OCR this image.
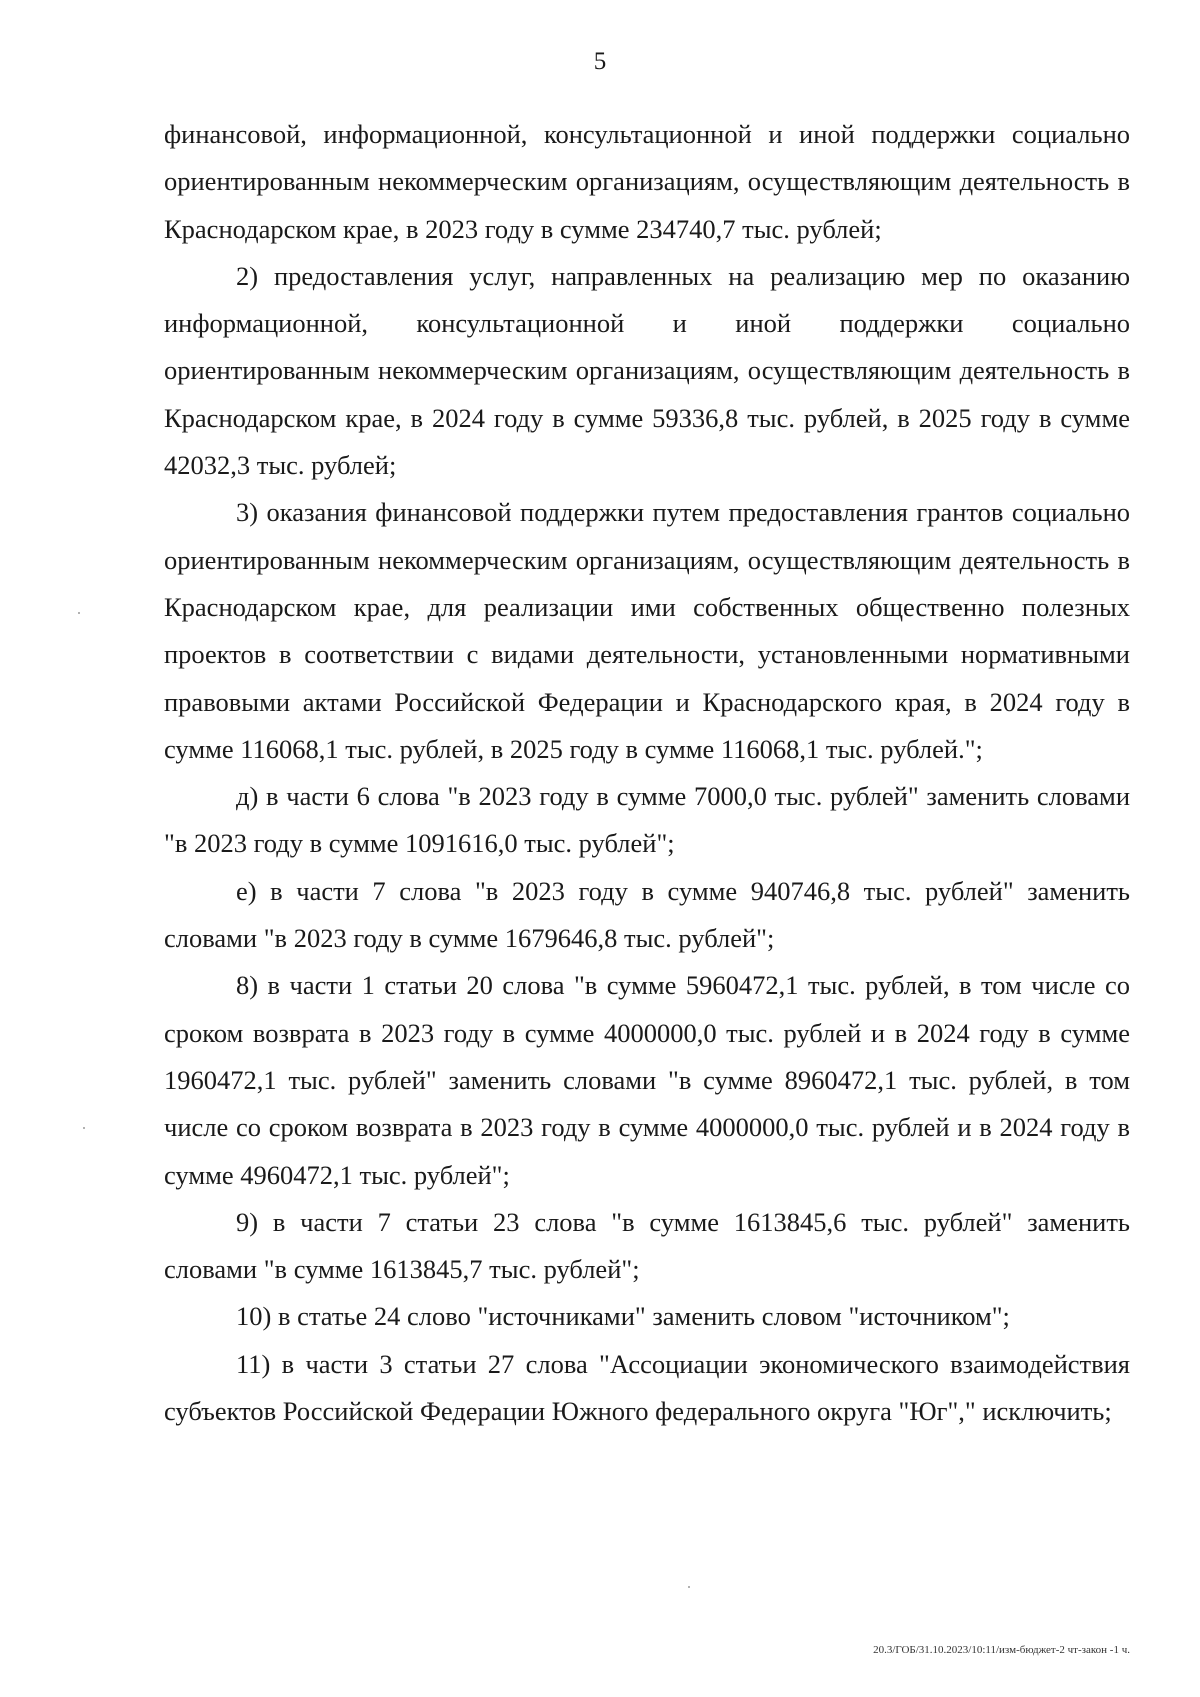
5

финансовой, информационной, консультационной и иной поддержки социально ориентированным некоммерческим организациям, осуществляющим деятельность в Краснодарском крае, в 2023 году в сумме 234740,7 тыс. рублей;

2) предоставления услуг, направленных на реализацию мер по оказанию информационной, консультационной и иной поддержки социально ориентированным некоммерческим организациям, осуществляющим деятельность в Краснодарском крае, в 2024 году в сумме 59336,8 тыс. рублей, в 2025 году в сумме 42032,3 тыс. рублей;

3) оказания финансовой поддержки путем предоставления грантов социально ориентированным некоммерческим организациям, осуществляющим деятельность в Краснодарском крае, для реализации ими собственных общественно полезных проектов в соответствии с видами деятельности, установленными нормативными правовыми актами Российской Федерации и Краснодарского края, в 2024 году в сумме 116068,1 тыс. рублей, в 2025 году в сумме 116068,1 тыс. рублей.";

д) в части 6 слова "в 2023 году в сумме 7000,0 тыс. рублей" заменить словами "в 2023 году в сумме 1091616,0 тыс. рублей";

е) в части 7 слова "в 2023 году в сумме 940746,8 тыс. рублей" заменить словами "в 2023 году в сумме 1679646,8 тыс. рублей";

8) в части 1 статьи 20 слова "в сумме 5960472,1 тыс. рублей, в том числе со сроком возврата в 2023 году в сумме 4000000,0 тыс. рублей и в 2024 году в сумме 1960472,1 тыс. рублей" заменить словами "в сумме 8960472,1 тыс. рублей, в том числе со сроком возврата в 2023 году в сумме 4000000,0 тыс. рублей и в 2024 году в сумме 4960472,1 тыс. рублей";

9) в части 7 статьи 23 слова "в сумме 1613845,6 тыс. рублей" заменить словами "в сумме 1613845,7 тыс. рублей";

10) в статье 24 слово "источниками" заменить словом "источником";

11) в части 3 статьи 27 слова "Ассоциации экономического взаимодействия субъектов Российской Федерации Южного федерального округа "Юг"," исключить;

20.3/ГОБ/31.10.2023/10:11/изм-бюджет-2 чт-закон -1 ч.
